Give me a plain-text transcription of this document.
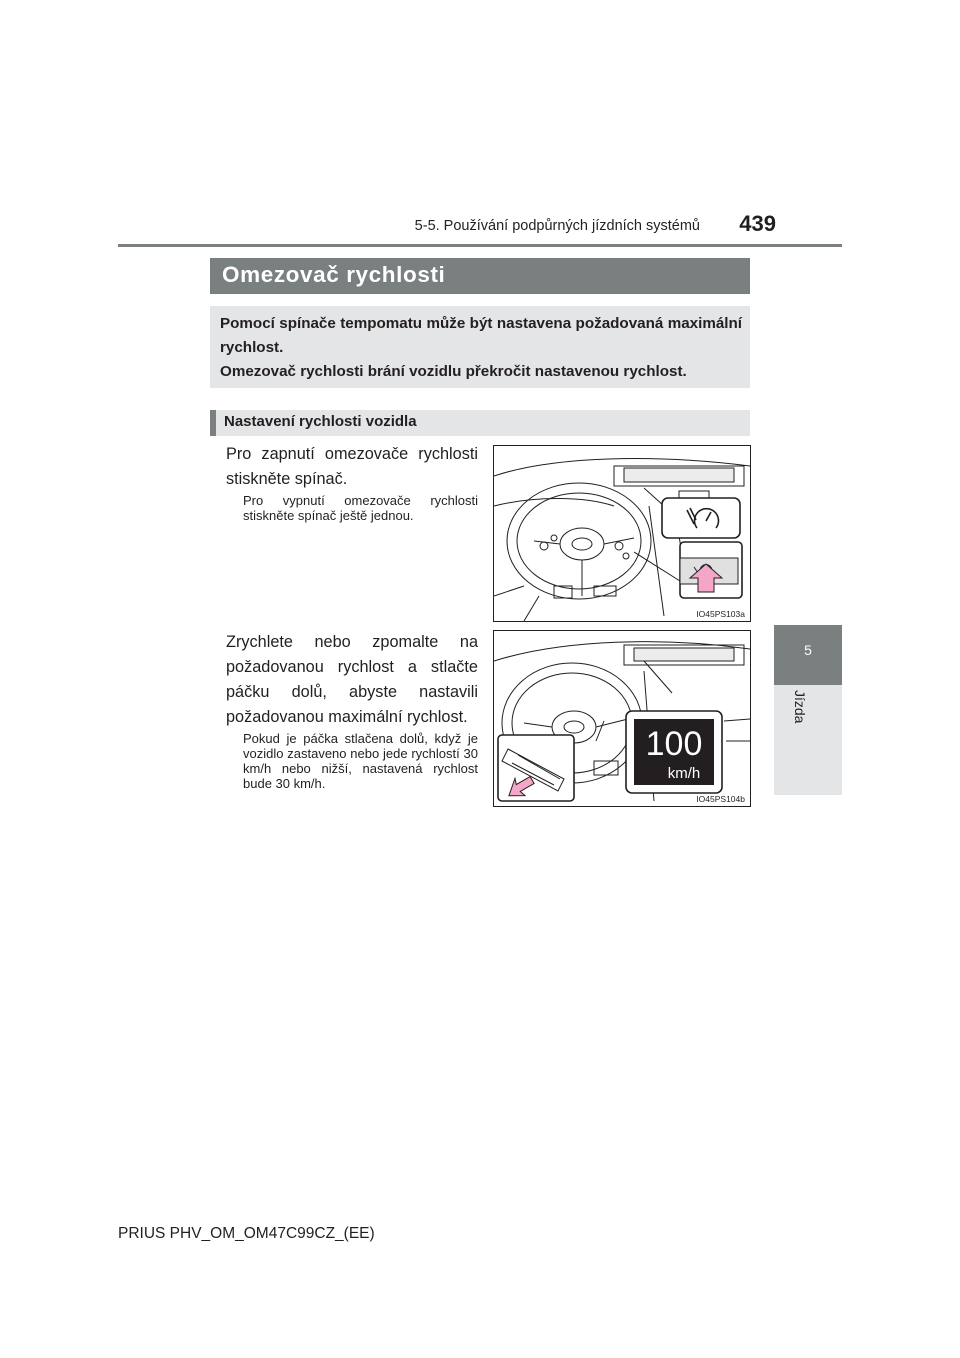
5-5. Používání podpůrných jízdních systémů	439
5
Jízda
Omezovač rychlosti

Pomocí spínače tempomatu může být nastavena požadovaná maximální rychlost.

Omezovač rychlosti brání vozidlu překročit nastavenou rychlost.

Nastavení rychlosti vozidla
Pro zapnutí omezovače rychlosti stiskněte spínač.
Pro vypnutí omezovače rychlosti stiskněte spínač ještě jednou.
IO45PS103a
Zrychlete nebo zpomalte na požadovanou rychlost a stlačte páčku dolů, abyste nastavili požadovanou maximální rychlost.
Pokud je páčka stlačena dolů, když je vozidlo zastaveno nebo jede rychlostí 30 km/h nebo nižší, nastavená rychlost bude 30 km/h.
100
km/h
IO45PS104b
PRIUS PHV_OM_OM47C99CZ_(EE)
